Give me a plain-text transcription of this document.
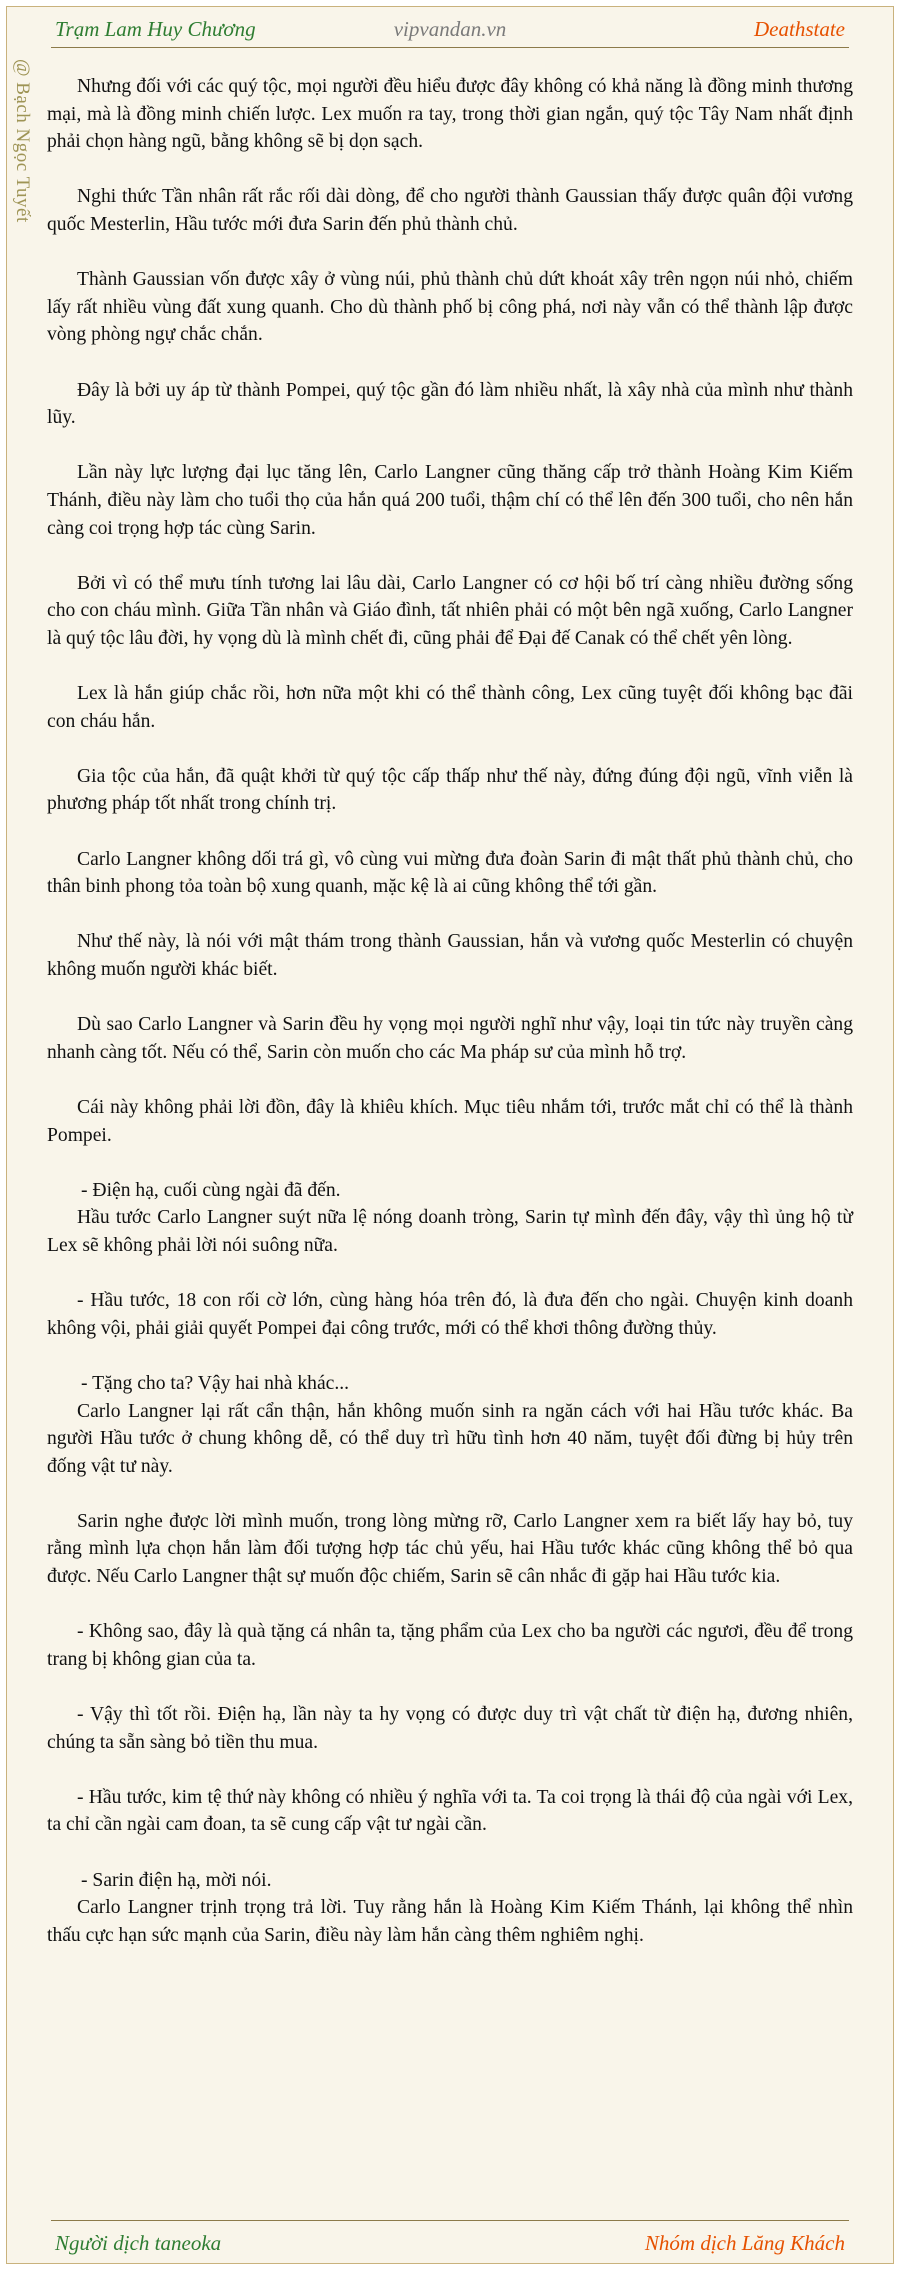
Trạm Lam Huy Chương	vipvandan.vn	Deathstate
@ Bạch Ngọc Tuyết	Nhưng đối với các quý tộc, mọi người đều hiểu được đây không có khả năng là đồng minh thương mại, mà là đồng minh chiến lược. Lex muốn ra tay, trong thời gian ngắn, quý tộc Tây Nam nhất định phải chọn hàng ngũ, bằng không sẽ bị dọn sạch.

Nghi thức Tần nhân rất rắc rối dài dòng, để cho người thành Gaussian thấy được quân đội vương quốc Mesterlin, Hầu tước mới đưa Sarin đến phủ thành chủ.

Thành Gaussian vốn được xây ở vùng núi, phủ thành chủ dứt khoát xây trên ngọn núi nhỏ, chiếm lấy rất nhiều vùng đất xung quanh. Cho dù thành phố bị công phá, nơi này vẫn có thể thành lập được vòng phòng ngự chắc chắn.

Đây là bởi uy áp từ thành Pompei, quý tộc gần đó làm nhiều nhất, là xây nhà của mình như thành lũy.

Lần này lực lượng đại lục tăng lên, Carlo Langner cũng thăng cấp trở thành Hoàng Kim Kiếm Thánh, điều này làm cho tuổi thọ của hắn quá 200 tuổi, thậm chí có thể lên đến 300 tuổi, cho nên hắn càng coi trọng hợp tác cùng Sarin.

Bởi vì có thể mưu tính tương lai lâu dài, Carlo Langner có cơ hội bố trí càng nhiều đường sống cho con cháu mình. Giữa Tần nhân và Giáo đình, tất nhiên phải có một bên ngã xuống, Carlo Langner là quý tộc lâu đời, hy vọng dù là mình chết đi, cũng phải để Đại đế Canak có thể chết yên lòng.

Lex là hắn giúp chắc rồi, hơn nữa một khi có thể thành công, Lex cũng tuyệt đối không bạc đãi con cháu hắn.

Gia tộc của hắn, đã quật khởi từ quý tộc cấp thấp như thế này, đứng đúng đội ngũ, vĩnh viễn là phương pháp tốt nhất trong chính trị.

Carlo Langner không dối trá gì, vô cùng vui mừng đưa đoàn Sarin đi mật thất phủ thành chủ, cho thân binh phong tỏa toàn bộ xung quanh, mặc kệ là ai cũng không thể tới gần.

Như thế này, là nói với mật thám trong thành Gaussian, hắn và vương quốc Mesterlin có chuyện không muốn người khác biết.

Dù sao Carlo Langner và Sarin đều hy vọng mọi người nghĩ như vậy, loại tin tức này truyền càng nhanh càng tốt. Nếu có thể, Sarin còn muốn cho các Ma pháp sư của mình hỗ trợ.

Cái này không phải lời đồn, đây là khiêu khích. Mục tiêu nhắm tới, trước mắt chỉ có thể là thành Pompei.

- Điện hạ, cuối cùng ngài đã đến.

Hầu tước Carlo Langner suýt nữa lệ nóng doanh tròng, Sarin tự mình đến đây, vậy thì ủng hộ từ Lex sẽ không phải lời nói suông nữa.

- Hầu tước, 18 con rối cờ lớn, cùng hàng hóa trên đó, là đưa đến cho ngài. Chuyện kinh doanh không vội, phải giải quyết Pompei đại công trước, mới có thể khơi thông đường thủy.

- Tặng cho ta? Vậy hai nhà khác...

Carlo Langner lại rất cẩn thận, hắn không muốn sinh ra ngăn cách với hai Hầu tước khác. Ba người Hầu tước ở chung không dễ, có thể duy trì hữu tình hơn 40 năm, tuyệt đối đừng bị hủy trên đống vật tư này.

Sarin nghe được lời mình muốn, trong lòng mừng rỡ, Carlo Langner xem ra biết lấy hay bỏ, tuy rằng mình lựa chọn hắn làm đối tượng hợp tác chủ yếu, hai Hầu tước khác cũng không thể bỏ qua được. Nếu Carlo Langner thật sự muốn độc chiếm, Sarin sẽ cân nhắc đi gặp hai Hầu tước kia.

- Không sao, đây là quà tặng cá nhân ta, tặng phẩm của Lex cho ba người các ngươi, đều để trong trang bị không gian của ta.

- Vậy thì tốt rồi. Điện hạ, lần này ta hy vọng có được duy trì vật chất từ điện hạ, đương nhiên, chúng ta sẵn sàng bỏ tiền thu mua.

- Hầu tước, kim tệ thứ này không có nhiều ý nghĩa với ta. Ta coi trọng là thái độ của ngài với Lex, ta chỉ cần ngài cam đoan, ta sẽ cung cấp vật tư ngài cần.

- Sarin điện hạ, mời nói.

Carlo Langner trịnh trọng trả lời. Tuy rằng hắn là Hoàng Kim Kiếm Thánh, lại không thể nhìn thấu cực hạn sức mạnh của Sarin, điều này làm hắn càng thêm nghiêm nghị.

Người dịch taneoka	Nhóm dịch Lăng Khách
